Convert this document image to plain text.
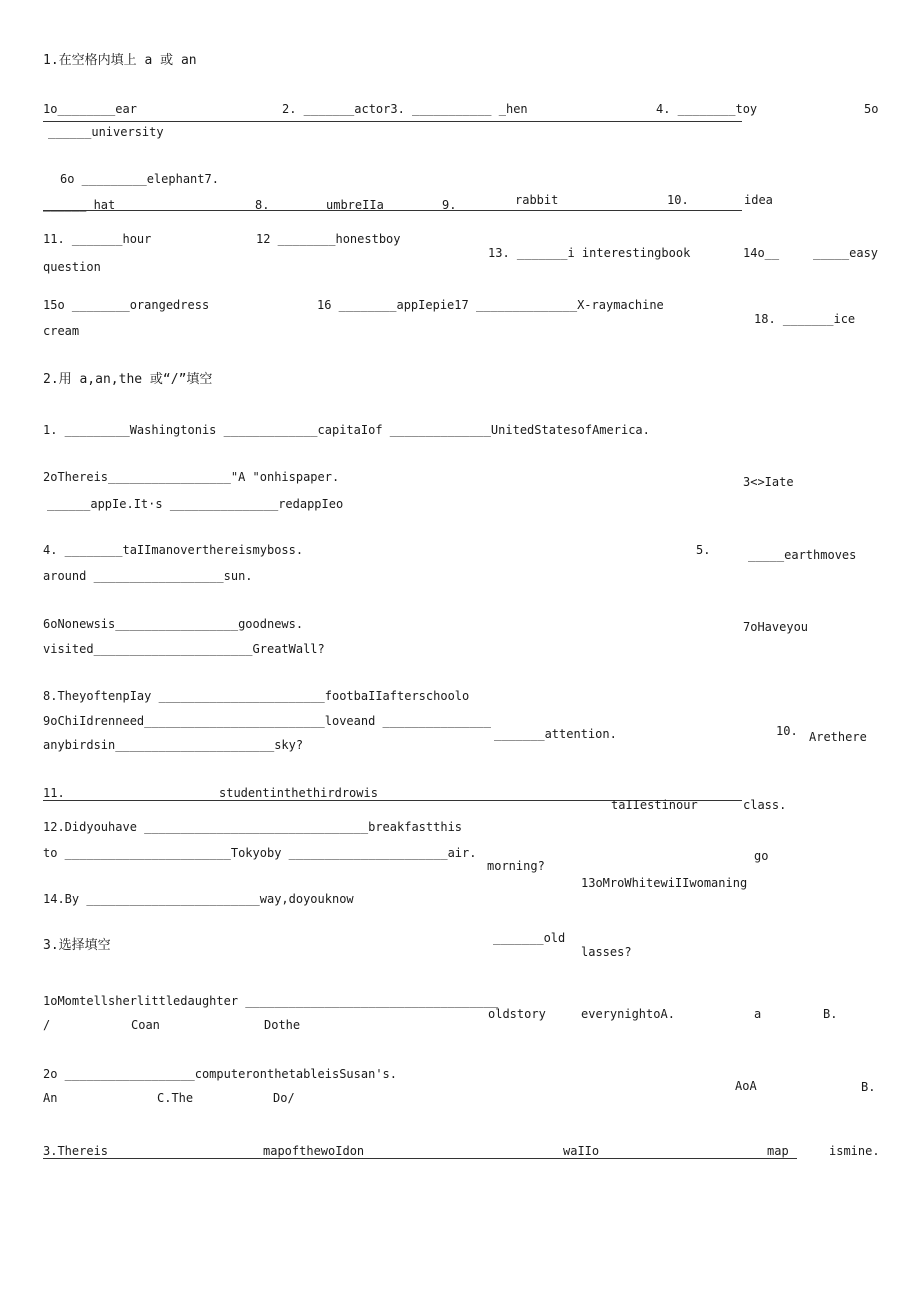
1.在空格内填上 a 或 an
1o________ear	2. _______actor3. ___________ _hen	4. ________toy	5o
______university
6o _________elephant7.
______ hat	8.	umbreIIa	9.	rabbit	10.	idea
11. _______hour	12 ________honestboy
13. _______i interestingbook	14o__	_____easy
question
15o ________orangedress	16 ________appIepie17 ______________X-raymachine
18. _______ice
cream
2.用 a,an,the 或“/”填空
1. _________Washingtonis _____________capitaIof ______________UnitedStatesofAmerica.
2oThereis_________________"A "onhispaper.	3<>Iate
______appIe.It·s _______________redappIeo
4. ________taIImanoverthereismyboss.	5.	_____earthmoves
around __________________sun.
6oNonewsis_________________goodnews.	7oHaveyou
visited______________________GreatWall?
8.TheyoftenpIay _______________________footbaIIafterschoolo
9oChiIdrenneed_________________________loveand _______________
_______attention.	10. Arethere
anybirdsin______________________sky?
11.	studentinthethirdrowis
taIIestinour	class.
12.Didyouhave _______________________________breakfastthis
to _______________________Tokyoby ______________________air.
morning?
go
13oMroWhitewiIIwomaning
14.By ________________________way,doyouknow
_______old
lasses?
3.选择填空
1oMomtellsherlittledaughter ___________________________________
oldstory	everynightoA.	a	B.
/	Coan	Dothe
2o __________________computeronthetableisSusan's.
AoA	B.
An	C.The	Do/
3.Thereis	mapofthewoIdon	waIIo	map	ismine.
